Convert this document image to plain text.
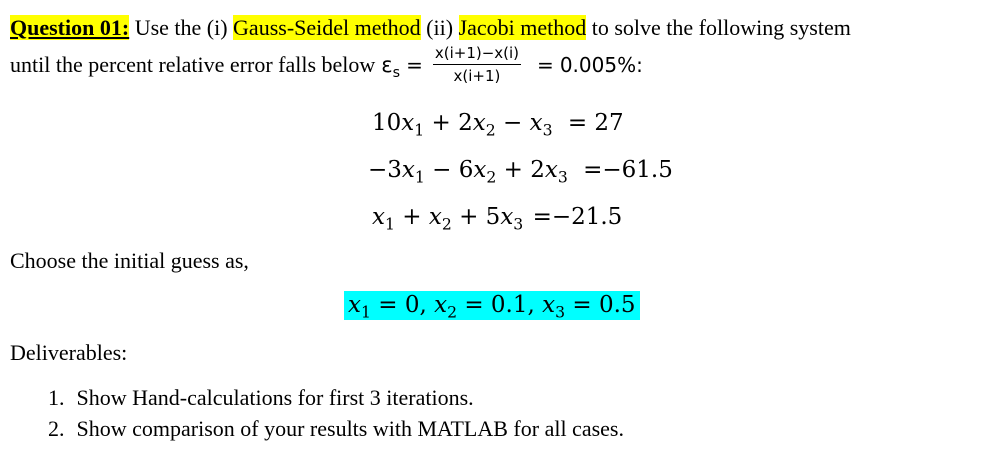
Question 01: Use the (i) Gauss-Seidel method (ii) Jacobi method to solve the following system
until the percent relative error falls below $\varepsilon_s = \frac{x(i+1)-x(i)}{x(i+1)} = 0.005\%$:
$10x_1 + 2x_2 - x_3 = 27$
$-3x_1 - 6x_2 + 2x_3 =-61.5$
$x_1 + x_2 + 5x_3 =-21.5$
Choose the initial guess as,
$x_1 = 0$, $x_2 = 0.1$, $x_3 = 0.5$
Deliverables:
1. Show Hand-calculations for first 3 iterations.
2. Show comparison of your results with MATLAB for all cases.
